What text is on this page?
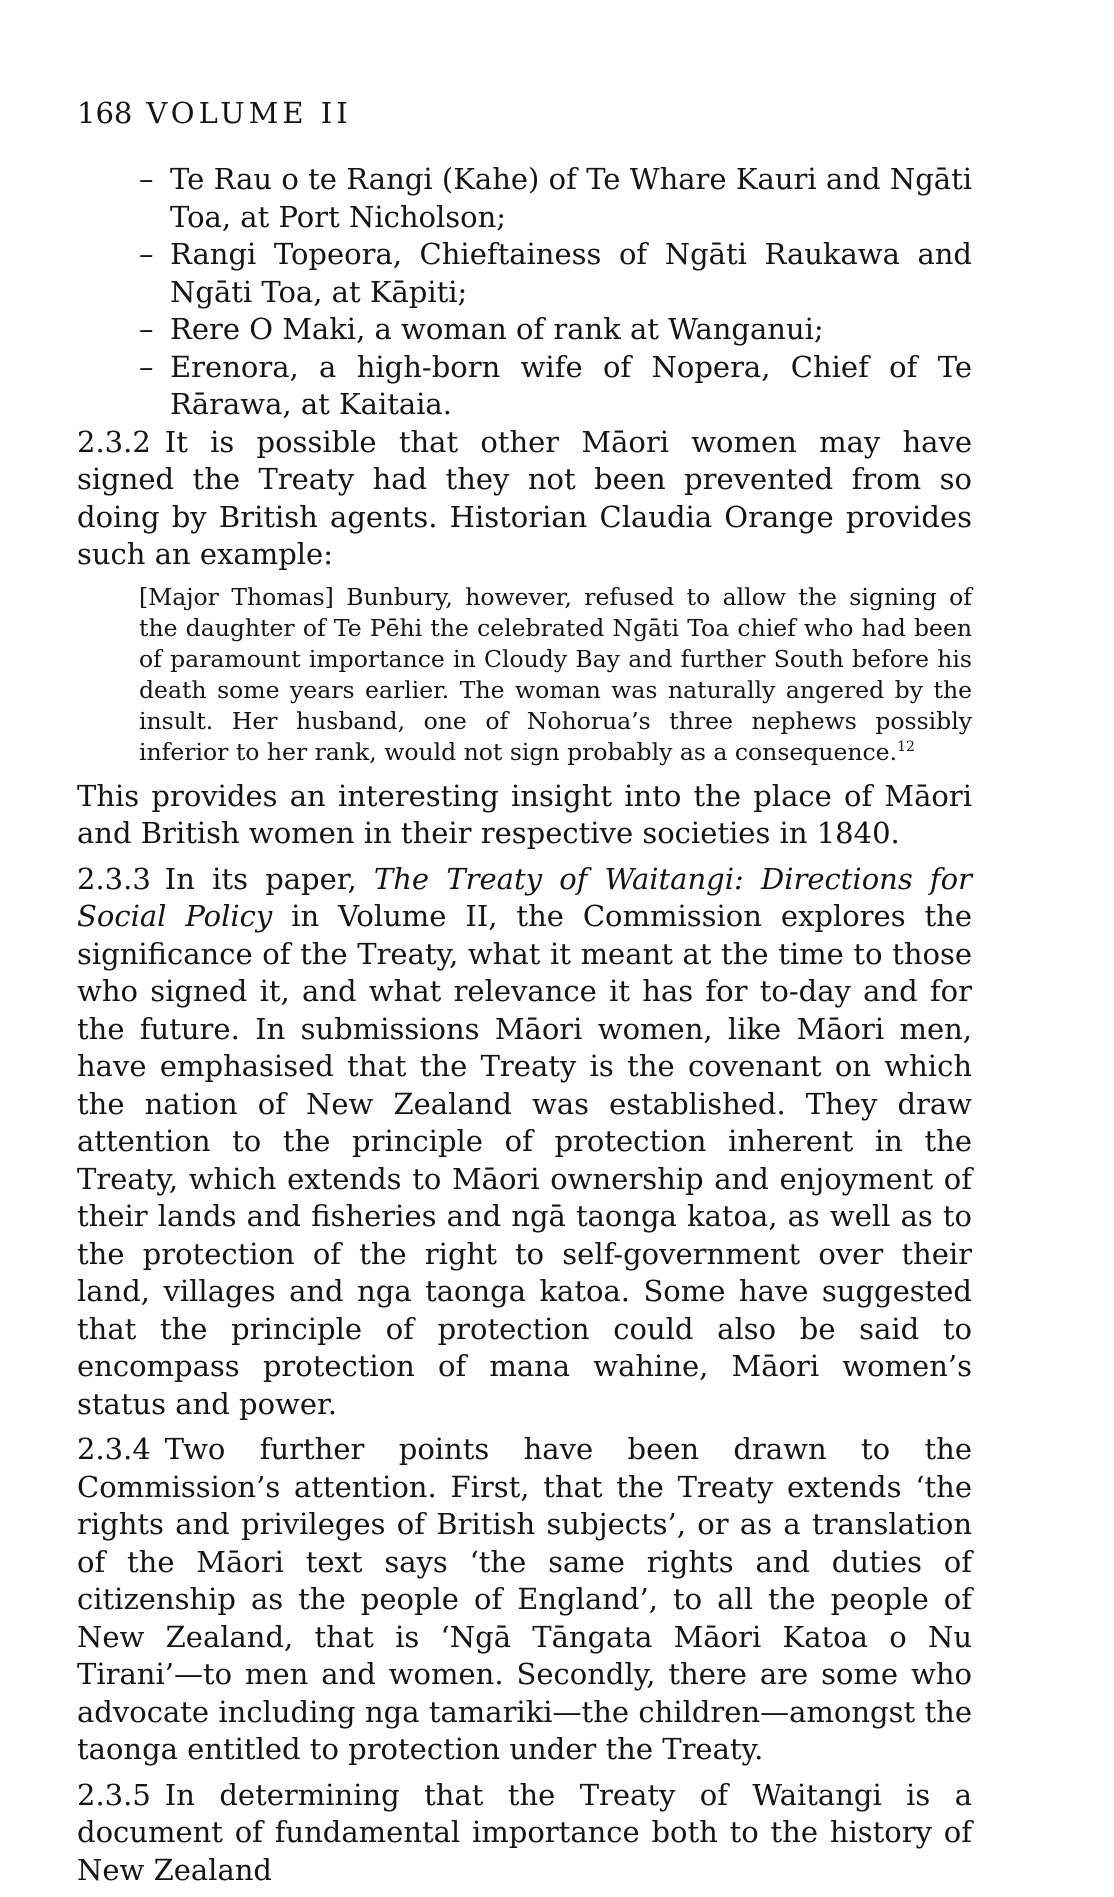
168 VOLUME II
– Te Rau o te Rangi (Kahe) of Te Whare Kauri and Ngāti Toa, at Port Nicholson;
– Rangi Topeora, Chieftainess of Ngāti Raukawa and Ngāti Toa, at Kāpiti;
– Rere O Maki, a woman of rank at Wanganui;
– Erenora, a high-born wife of Nopera, Chief of Te Rārawa, at Kaitaia.

2.3.2 It is possible that other Māori women may have signed the Treaty had they not been prevented from so doing by British agents. Historian Claudia Orange provides such an example:

[Major Thomas] Bunbury, however, refused to allow the signing of the daughter of Te Pēhi the celebrated Ngāti Toa chief who had been of paramount importance in Cloudy Bay and further South before his death some years earlier. The woman was naturally angered by the insult. Her husband, one of Nohorua’s three nephews possibly inferior to her rank, would not sign probably as a consequence.$^{12}$

This provides an interesting insight into the place of Māori and British women in their respective societies in 1840.

2.3.3 In its paper, The Treaty of Waitangi: Directions for Social Policy in Volume II, the Commission explores the significance of the Treaty, what it meant at the time to those who signed it, and what relevance it has for to-day and for the future. In submissions Māori women, like Māori men, have emphasised that the Treaty is the covenant on which the nation of New Zealand was established. They draw attention to the principle of protection inherent in the Treaty, which extends to Māori ownership and enjoyment of their lands and fisheries and ngā taonga katoa, as well as to the protection of the right to self-government over their land, villages and nga taonga katoa. Some have suggested that the principle of protection could also be said to encompass protection of mana wahine, Māori women’s status and power.

2.3.4 Two further points have been drawn to the Commission’s attention. First, that the Treaty extends ‘the rights and privileges of British subjects’, or as a translation of the Māori text says ‘the same rights and duties of citizenship as the people of England’, to all the people of New Zealand, that is ‘Ngā Tāngata Māori Katoa o Nu Tirani’—to men and women. Secondly, there are some who advocate including nga tamariki—the children—amongst the taonga entitled to protection under the Treaty.

2.3.5 In determining that the Treaty of Waitangi is a document of fundamental importance both to the history of New Zealand
